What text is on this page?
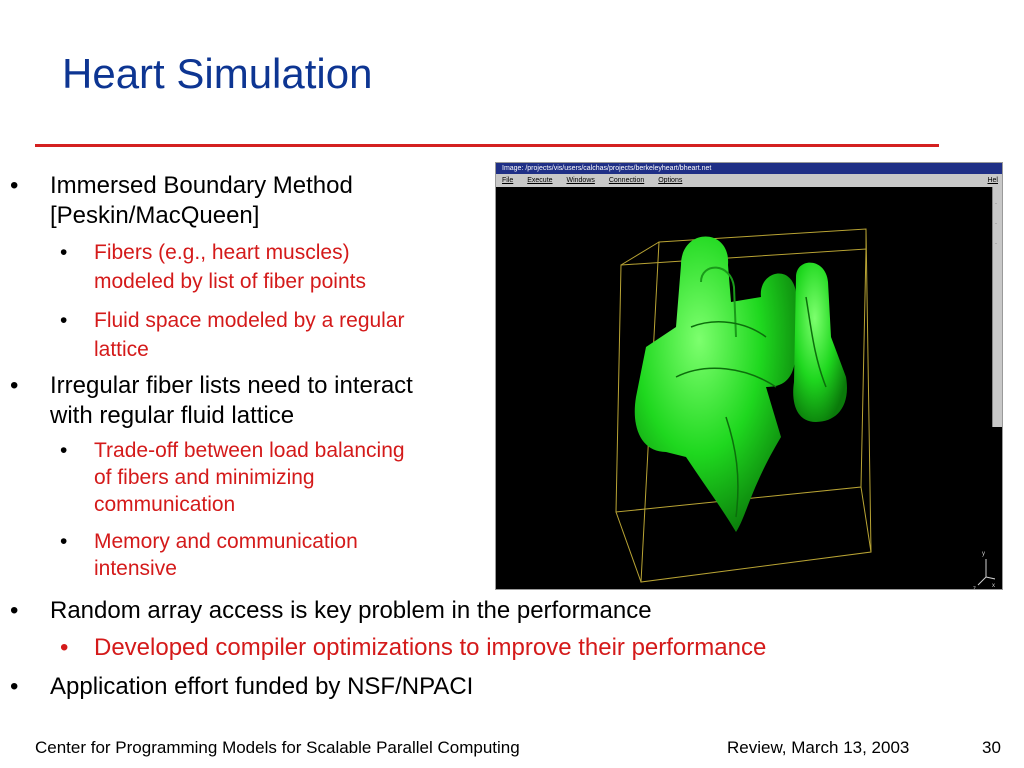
Heart Simulation
• Immersed Boundary Method
[Peskin/MacQueen]
• Fibers (e.g., heart muscles)
modeled by list of fiber points
• Fluid space modeled by a regular
lattice
• Irregular fiber lists need to interact
with regular fluid lattice
• Trade-off between load balancing
of fibers and minimizing
communication
• Memory and communication
intensive
• Random array access is key problem in the performance
• Developed compiler optimizations to improve their performance
• Application effort funded by NSF/NPACI
Image: /projects/vis/users/calchas/projects/berkeleyheart/bheart.net
File Execute Windows Connection Options	Hel
·
·
·
y
x
z
Center for Programming Models for Scalable Parallel Computing	Review, March 13, 2003	30
